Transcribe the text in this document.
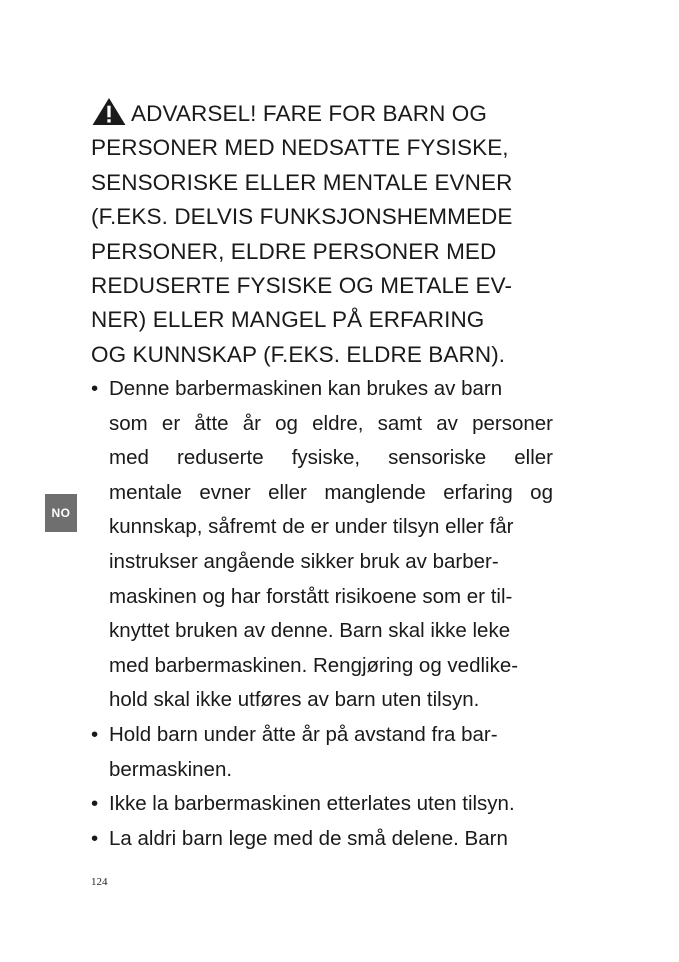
ADVARSEL! FARE FOR BARN OG
PERSONER MED NEDSATTE FYSISKE,
SENSORISKE ELLER MENTALE EVNER
(F.EKS. DELVIS FUNKSJONSHEMMEDE
PERSONER, ELDRE PERSONER MED
REDUSERTE FYSISKE OG METALE EV-
NER) ELLER MANGEL PÅ ERFARING
OG KUNNSKAP (F.EKS. ELDRE BARN).
• Denne barbermaskinen kan brukes av barn
som er åtte år og eldre, samt av personer
med reduserte fysiske, sensoriske eller
mentale evner eller manglende erfaring og
kunnskap, såfremt de er under tilsyn eller får
instrukser angående sikker bruk av barber-
maskinen og har forstått risikoene som er til-
knyttet bruken av denne. Barn skal ikke leke
med barbermaskinen. Rengjøring og vedlike-
hold skal ikke utføres av barn uten tilsyn.
• Hold barn under åtte år på avstand fra bar-
bermaskinen.
• Ikke la barbermaskinen etterlates uten tilsyn.
• La aldri barn lege med de små delene. Barn
NO
124
